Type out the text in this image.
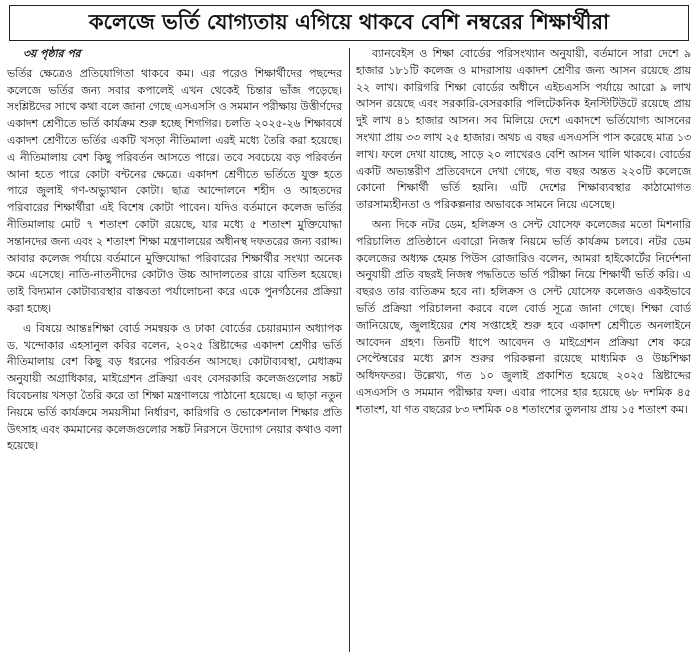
কলেজে ভর্তি যোগ্যতায় এগিয়ে থাকবে বেশি নম্বরের শিক্ষার্থীরা

৩য় পৃষ্ঠার পর

ভর্তির ক্ষেত্রেও প্রতিযোগিতা থাকবে কম। এর পরেও শিক্ষার্থীদের পছন্দের কলেজে ভর্তির জন্য সবার কপালেই এখন থেকেই চিন্তার ভাঁজ পড়েছে। সংশ্লিষ্টদের সাথে কথা বলে জানা গেছে এসএসসি ও সমমান পরীক্ষায় উত্তীর্ণদের একাদশ শ্রেণীতে ভর্তি কার্যক্রম শুরু হচ্ছে শিগগির। চলতি ২০২৫-২৬ শিক্ষাবর্ষে একাদশ শ্রেণীতে ভর্তির একটি খসড়া নীতিমালা এরই মধ্যে তৈরি করা হয়েছে। এ নীতিমালায় বেশ কিছু পরিবর্তন আসতে পারে। তবে সবচেয়ে বড় পরিবর্তন আনা হতে পারে কোটা বন্টনের ক্ষেত্রে। একাদশ শ্রেণীতে ভর্তিতে যুক্ত হতে পারে জুলাই গণ-অভ্যুত্থান কোটা। ছাত্র আন্দোলনে শহীদ ও আহতদের পরিবারের শিক্ষার্থীরা এই বিশেষ কোটা পাবেন। যদিও বর্তমানে কলেজ ভর্তির নীতিমালায় মোট ৭ শতাংশ কোটা রয়েছে, যার মধ্যে ৫ শতাংশ মুক্তিযোদ্ধা সন্তানদের জন্য এবং ২ শতাংশ শিক্ষা মন্ত্রণালয়ের অধীনস্থ দফতরের জন্য বরাদ্দ। আবার কলেজ পর্যায়ে বর্তমানে মুক্তিযোদ্ধা পরিবারের শিক্ষার্থীর সংখ্যা অনেক কমে এসেছে। নাতি-নাতনীদের কোটাও উচ্চ আদালতের রায়ে বাতিল হয়েছে। তাই বিদ্যমান কোটাব্যবস্থার বাস্তবতা পর্যালোচনা করে একে পুনর্গঠনের প্রক্রিয়া করা হচ্ছে।

এ বিষয়ে আন্তঃশিক্ষা বোর্ড সমন্বয়ক ও ঢাকা বোর্ডের চেয়ারম্যান অধ্যাপক ড. খন্দোকার এহসানুল কবির বলেন, ২০২৫ খ্রিষ্টাব্দের একাদশ শ্রেণীর ভর্তি নীতিমালায় বেশ কিছু বড় ধরনের পরিবর্তন আসছে। কোটাব্যবস্থা, মেধাক্রম অনুযায়ী অগ্রাধিকার, মাইগ্রেশন প্রক্রিয়া এবং বেসরকারি কলেজগুলোর সঙ্কট বিবেচনায় খসড়া তৈরি করে তা শিক্ষা মন্ত্রণালয়ে পাঠানো হয়েছে। এ ছাড়া নতুন নিয়মে ভর্তি কার্যক্রমে সময়সীমা নির্ধারণ, কারিগরি ও ভোকেশনাল শিক্ষার প্রতি উৎসাহ এবং কমমানের কলেজগুলোর সঙ্কট নিরসনে উদ্যোগ নেয়ার কথাও বলা হয়েছে।

ব্যানবেইস ও শিক্ষা বোর্ডের পরিসংখ্যান অনুযায়ী, বর্তমানে সারা দেশে ৯ হাজার ১৮১টি কলেজ ও মাদরাসায় একাদশ শ্রেণীর জন্য আসন রয়েছে প্রায় ২২ লাখ। কারিগরি শিক্ষা বোর্ডের অধীনে এইচএসসি পর্যায়ে আরো ৯ লাখ আসন রয়েছে এবং সরকারি-বেসরকারি পলিটেকনিক ইনস্টিটিউটে রয়েছে প্রায় দুই লাখ ৪১ হাজার আসন। সব মিলিয়ে দেশে একাদশে ভর্তিযোগ্য আসনের সংখ্যা প্রায় ৩৩ লাখ ২৫ হাজার। অথচ এ বছর এসএসসি পাস করেছে মাত্র ১৩ লাখ। ফলে দেখা যাচ্ছে, সাড়ে ২০ লাখেরও বেশি আসন খালি থাকবে। বোর্ডের একটি অভ্যন্তরীণ প্রতিবেদনে দেখা গেছে, গত বছর অন্তত ২২০টি কলেজে কোনো শিক্ষার্থী ভর্তি হয়নি। এটি দেশের শিক্ষাব্যবস্থার কাঠামোগত তারসাম্যহীনতা ও পরিকল্পনার অভাবকে সামনে নিয়ে এসেছে।

অন্য দিকে নটর ডেম, হলিক্রস ও সেন্ট যোসেফ কলেজের মতো মিশনারি পরিচালিত প্রতিষ্ঠানে এবারো নিজস্ব নিয়মে ভর্তি কার্যক্রম চলবে। নটর ডেম কলেজের অধ্যক্ষ হেমন্ত পিউস রোজারিও বলেন, আমরা হাইকোর্টের নির্দেশনা অনুযায়ী প্রতি বছরই নিজস্ব পদ্ধতিতে ভর্তি পরীক্ষা নিয়ে শিক্ষার্থী ভর্তি করি। এ বছরও তার ব্যতিক্রম হবে না। হলিক্রস ও সেন্ট যোসেফ কলেজও একইভাবে ভর্তি প্রক্রিয়া পরিচালনা করবে বলে বোর্ড সূত্রে জানা গেছে। শিক্ষা বোর্ড জানিয়েছে, জুলাইয়ের শেষ সপ্তাহেই শুরু হবে একাদশ শ্রেণীতে অনলাইনে আবেদন গ্রহণ। তিনটি ধাপে আবেদন ও মাইগ্রেশন প্রক্রিয়া শেষ করে সেপ্টেম্বরের মধ্যে ক্লাস শুরুর পরিকল্পনা রয়েছে মাধ্যমিক ও উচ্চশিক্ষা অধিদফতর। উল্লেখ্য, গত ১০ জুলাই প্রকাশিত হয়েছে ২০২৫ খ্রিষ্টাব্দের এসএসসি ও সমমান পরীক্ষার ফল। এবার পাসের হার হয়েছে ৬৮ দশমিক ৪৫ শতাংশ, যা গত বছরের ৮৩ দশমিক ০৪ শতাংশের তুলনায় প্রায় ১৫ শতাংশ কম।
